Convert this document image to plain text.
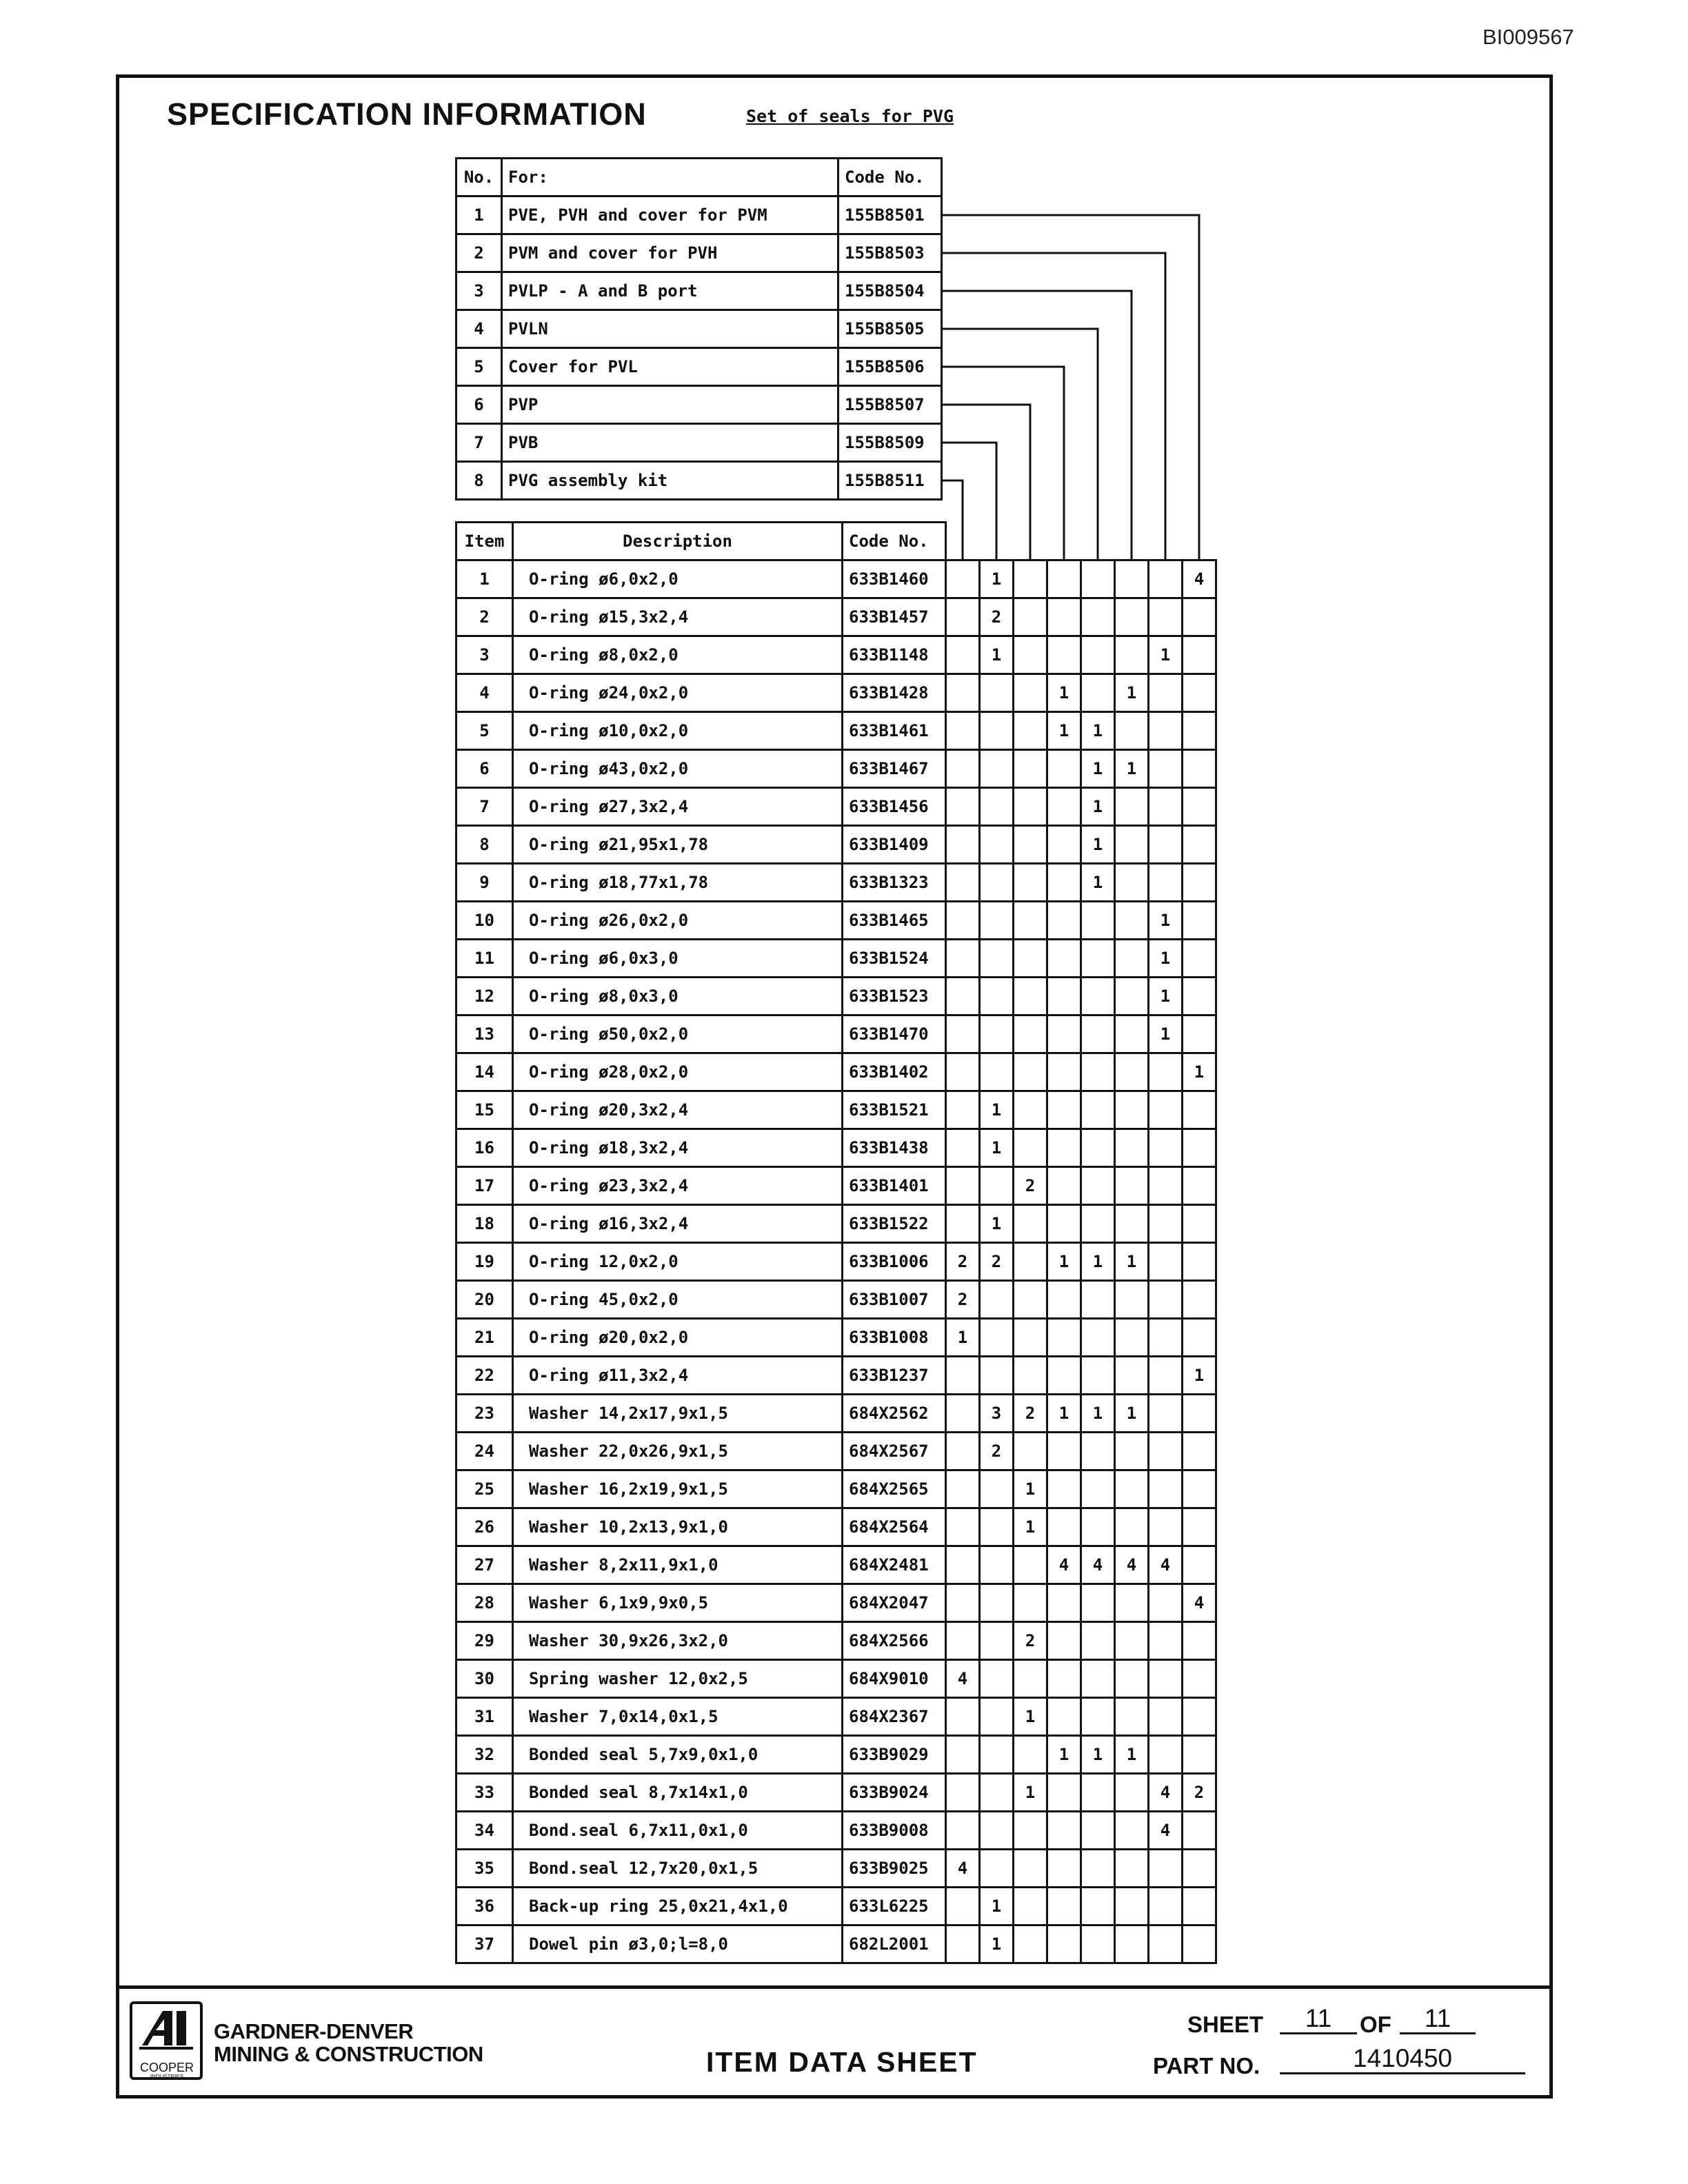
BI009567
SPECIFICATION INFORMATION	Set of seals for PVG
No.	For:	Code No.
1	PVE, PVH and cover for PVM	155B8501
2	PVM and cover for PVH	155B8503
3	PVLP - A and B port	155B8504
4	PVLN	155B8505
5	Cover for PVL	155B8506
6	PVP	155B8507
7	PVB	155B8509
8	PVG assembly kit	155B8511
Item	Description	Code No.								
1	O-ring ø6,0x2,0	633B1460		1						4
2	O-ring ø15,3x2,4	633B1457		2						
3	O-ring ø8,0x2,0	633B1148		1					1	
4	O-ring ø24,0x2,0	633B1428				1		1		
5	O-ring ø10,0x2,0	633B1461				1	1			
6	O-ring ø43,0x2,0	633B1467					1	1		
7	O-ring ø27,3x2,4	633B1456					1			
8	O-ring ø21,95x1,78	633B1409					1			
9	O-ring ø18,77x1,78	633B1323					1			
10	O-ring ø26,0x2,0	633B1465							1	
11	O-ring ø6,0x3,0	633B1524							1	
12	O-ring ø8,0x3,0	633B1523							1	
13	O-ring ø50,0x2,0	633B1470							1	
14	O-ring ø28,0x2,0	633B1402								1
15	O-ring ø20,3x2,4	633B1521		1						
16	O-ring ø18,3x2,4	633B1438		1						
17	O-ring ø23,3x2,4	633B1401			2					
18	O-ring ø16,3x2,4	633B1522		1						
19	O-ring 12,0x2,0	633B1006	2	2		1	1	1		
20	O-ring 45,0x2,0	633B1007	2							
21	O-ring ø20,0x2,0	633B1008	1							
22	O-ring ø11,3x2,4	633B1237								1
23	Washer 14,2x17,9x1,5	684X2562		3	2	1	1	1		
24	Washer 22,0x26,9x1,5	684X2567		2						
25	Washer 16,2x19,9x1,5	684X2565			1					
26	Washer 10,2x13,9x1,0	684X2564			1					
27	Washer 8,2x11,9x1,0	684X2481				4	4	4	4	
28	Washer 6,1x9,9x0,5	684X2047								4
29	Washer 30,9x26,3x2,0	684X2566			2					
30	Spring washer 12,0x2,5	684X9010	4							
31	Washer 7,0x14,0x1,5	684X2367			1					
32	Bonded seal 5,7x9,0x1,0	633B9029				1	1	1		
33	Bonded seal 8,7x14x1,0	633B9024			1				4	2
34	Bond.seal 6,7x11,0x1,0	633B9008							4	
35	Bond.seal 12,7x20,0x1,5	633B9025	4							
36	Back-up ring 25,0x21,4x1,0	633L6225		1						
37	Dowel pin ø3,0;l=8,0	682L2001		1						
COOPER
INDUSTRIES
GARDNER-DENVER
MINING & CONSTRUCTION	ITEM DATA SHEET
SHEET	11	OF	11
PART NO.	1410450
